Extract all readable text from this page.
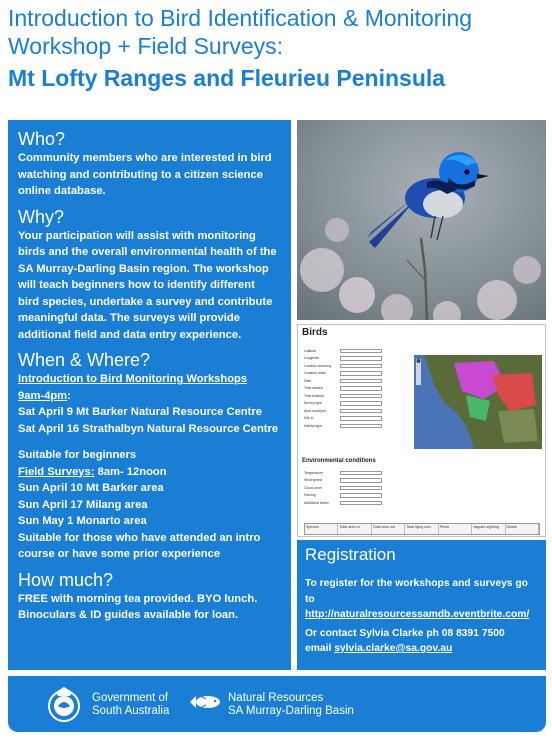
Introduction to Bird Identification & Monitoring
Workshop + Field Surveys:
Mt Lofty Ranges and Fleurieu Peninsula
Who?

Community members who are interested in bird

watching and contributing to a citizen science

online database.

Why?

Your participation will assist with monitoring

birds and the overall environmental health of the

SA Murray-Darling Basin region. The workshop

will teach beginners how to identify different

bird species, undertake a survey and contribute

meaningful data. The surveys will provide

additional field and data entry experience.

When & Where?

Introduction to Bird Monitoring Workshops

9am-4pm:

Sat April 9 Mt Barker Natural Resource Centre

Sat April 16 Strathalbyn Natural Resource Centre

Suitable for beginners

Field Surveys: 8am- 12noon

Sun April 10 Mt Barker area

Sun April 17 Milang area

Sun May 1 Monarto area

Suitable for those who have attended an intro

course or have some prior experience

How much?

FREE with morning tea provided. BYO lunch.

Binoculars & ID guides available for loan.

Birds
Latitude
Longitude
Location accuracy
Location notes
Date
Time started
Time finished
Survey type
Area surveyed
Site id
Habitat type
Environmental conditions
Temperature
Wind speed
Cloud cover
Raining
Additional Notes
Species	Total seen in	Total seen out	Total flying over	Photo	Vagrant sighting	Delete
Registration
To register for the workshops and surveys go
to http://naturalresourcessamdb.eventbrite.com/
Or contact Sylvia Clarke ph 08 8391 7500
email sylvia.clarke@sa.gov.au
Government of
South Australia
Natural Resources
SA Murray-Darling Basin
